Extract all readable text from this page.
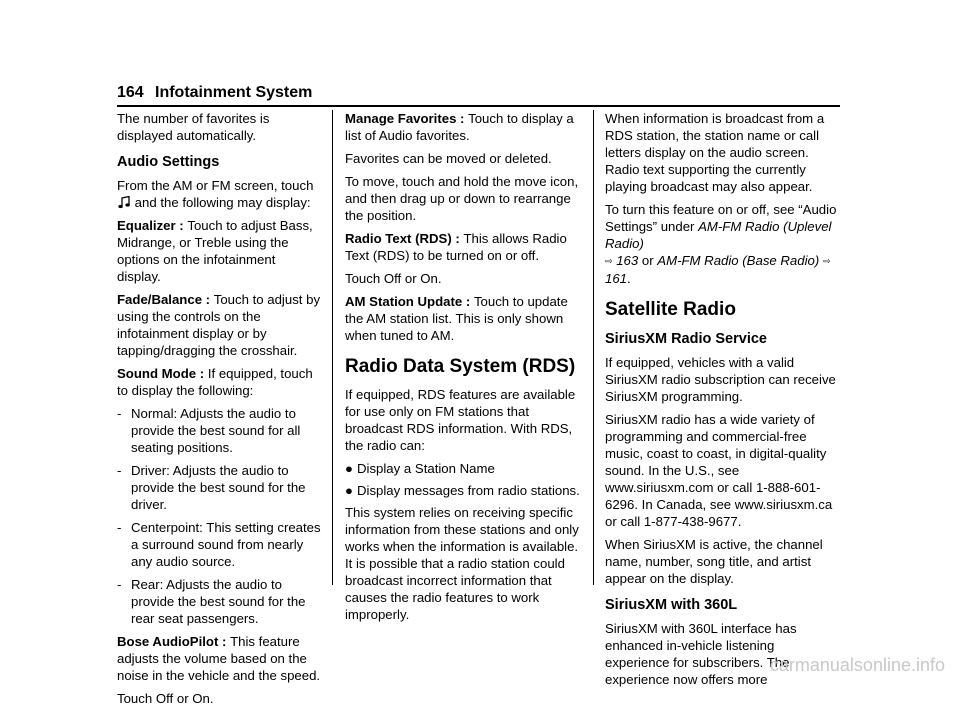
164 Infotainment System

The number of favorites is displayed automatically.

Audio Settings

From the AM or FM screen, touch  and the following may display:

Equalizer : Touch to adjust Bass, Midrange, or Treble using the options on the infotainment display.

Fade/Balance : Touch to adjust by using the controls on the infotainment display or by tapping/dragging the crosshair.

Sound Mode : If equipped, touch to display the following:

‐ Normal: Adjusts the audio to provide the best sound for all seating positions.
‐ Driver: Adjusts the audio to provide the best sound for the driver.
‐ Centerpoint: This setting creates a surround sound from nearly any audio source.
‐ Rear: Adjusts the audio to provide the best sound for the rear seat passengers.

Bose AudioPilot : This feature adjusts the volume based on the noise in the vehicle and the speed.

Touch Off or On.

Manage Favorites : Touch to display a list of Audio favorites.

Favorites can be moved or deleted.

To move, touch and hold the move icon, and then drag up or down to rearrange the position.

Radio Text (RDS) : This allows Radio Text (RDS) to be turned on or off.

Touch Off or On.

AM Station Update : Touch to update the AM station list. This is only shown when tuned to AM.

Radio Data System (RDS)

If equipped, RDS features are available for use only on FM stations that broadcast RDS information. With RDS, the radio can:

● Display a Station Name
● Display messages from radio stations.

This system relies on receiving specific information from these stations and only works when the information is available. It is possible that a radio station could broadcast incorrect information that causes the radio features to work improperly.

When information is broadcast from a RDS station, the station name or call letters display on the audio screen. Radio text supporting the currently playing broadcast may also appear.

To turn this feature on or off, see “Audio Settings” under AM-FM Radio (Uplevel Radio)
⇨ 163 or AM-FM Radio (Base Radio) ⇨ 161.

Satellite Radio
SiriusXM Radio Service

If equipped, vehicles with a valid SiriusXM radio subscription can receive SiriusXM programming.

SiriusXM radio has a wide variety of programming and commercial-free music, coast to coast, in digital-quality sound. In the U.S., see www.siriusxm.com or call 1-888-601-6296. In Canada, see www.siriusxm.ca or call 1-877-438-9677.

When SiriusXM is active, the channel name, number, song title, and artist appear on the display.

SiriusXM with 360L

SiriusXM with 360L interface has enhanced in-vehicle listening experience for subscribers. The experience now offers more

carmanualsonline.info
